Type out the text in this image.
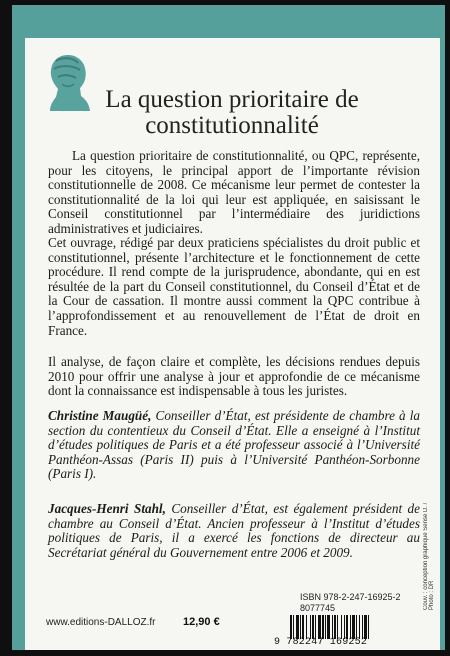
La question prioritaire de constitutionnalité
La question prioritaire de constitutionnalité, ou QPC, représente, pour les citoyens, le principal apport de l’importante révision constitutionnelle de 2008. Ce mécanisme leur permet de contester la constitutionnalité de la loi qui leur est appliquée, en saisissant le Conseil constitutionnel par l’intermédiaire des juridictions administratives et judiciaires.
Cet ouvrage, rédigé par deux praticiens spécialistes du droit public et constitutionnel, présente l’architecture et le fonctionnement de cette procédure. Il rend compte de la jurisprudence, abondante, qui en est résultée de la part du Conseil constitutionnel, du Conseil d’État et de la Cour de cassation. Il montre aussi comment la QPC contribue à l’approfondissement et au renouvellement de l’État de droit en France.
Il analyse, de façon claire et complète, les décisions rendues depuis 2010 pour offrir une analyse à jour et approfondie de ce mécanisme dont la connaissance est indispensable à tous les juristes.
Christine Maugüé, Conseiller d’État, est présidente de chambre à la section du contentieux du Conseil d’État. Elle a enseigné à l’Institut d’études politiques de Paris et a été professeur associé à l’Université Panthéon-Assas (Paris II) puis à l’Université Panthéon-Sorbonne (Paris I).
Jacques-Henri Stahl, Conseiller d’État, est également président de chambre au Conseil d’État. Ancien professeur à l’Institut d’études politiques de Paris, il a exercé les fonctions de directeur au Secrétariat général du Gouvernement entre 2006 et 2009.	Couv. : conception graphique Sense D. / Photo : DR
ISBN 978-2-247-16925-2
8077745
9 782247 169252
www.editions-DALLOZ.fr	12,90 €
